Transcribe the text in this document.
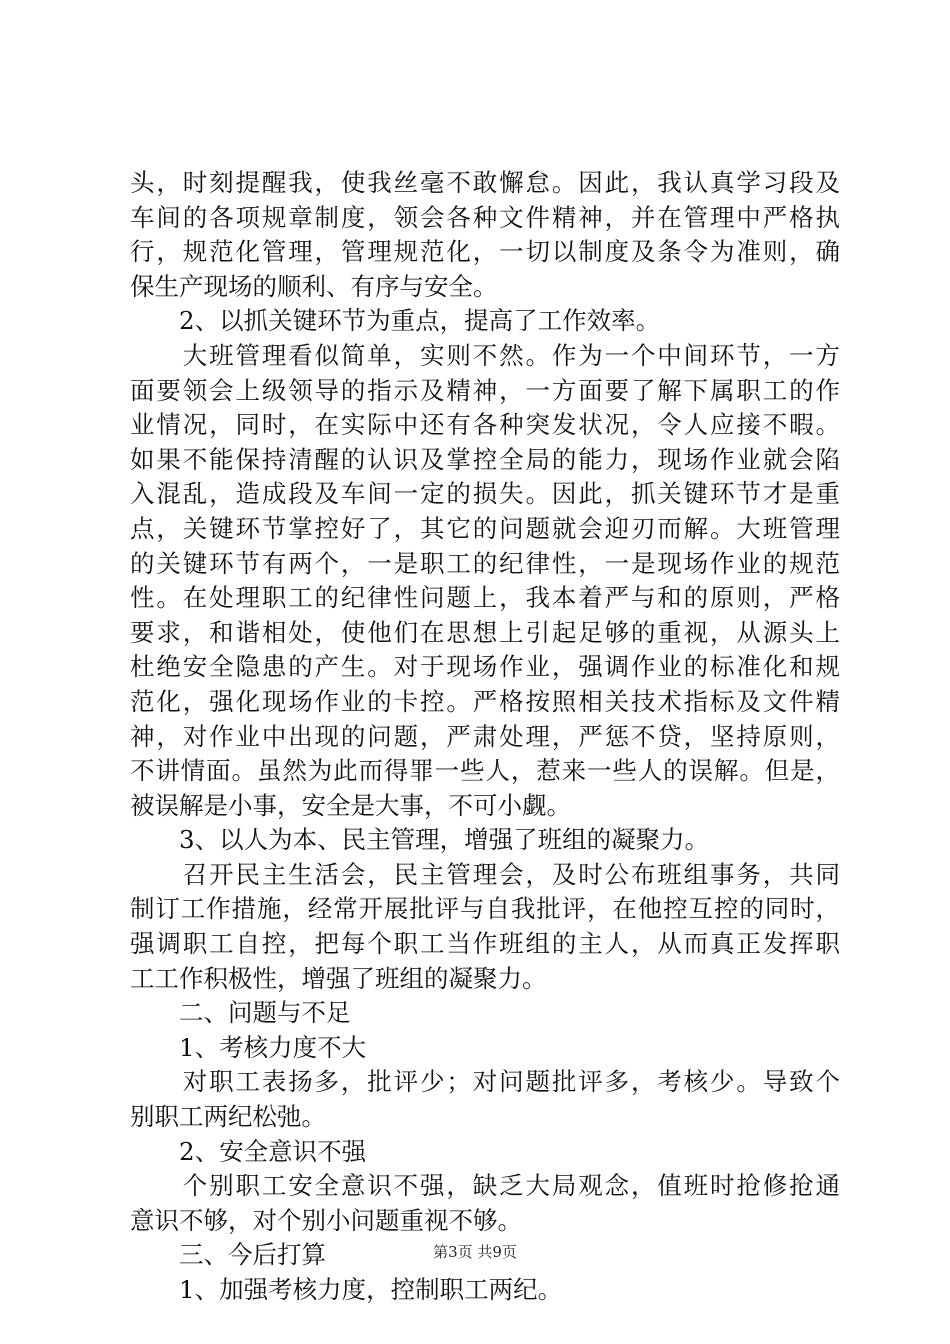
头，时刻提醒我，使我丝毫不敢懈怠。因此，我认真学习段及
车间的各项规章制度，领会各种文件精神，并在管理中严格执
行，规范化管理，管理规范化，一切以制度及条令为准则，确
保生产现场的顺利、有序与安全。
　　2、以抓关键环节为重点，提高了工作效率。
　　大班管理看似简单，实则不然。作为一个中间环节，一方
面要领会上级领导的指示及精神，一方面要了解下属职工的作
业情况，同时，在实际中还有各种突发状况，令人应接不暇。
如果不能保持清醒的认识及掌控全局的能力，现场作业就会陷
入混乱，造成段及车间一定的损失。因此，抓关键环节才是重
点，关键环节掌控好了，其它的问题就会迎刃而解。大班管理
的关键环节有两个，一是职工的纪律性，一是现场作业的规范
性。在处理职工的纪律性问题上，我本着严与和的原则，严格
要求，和谐相处，使他们在思想上引起足够的重视，从源头上
杜绝安全隐患的产生。对于现场作业，强调作业的标准化和规
范化，强化现场作业的卡控。严格按照相关技术指标及文件精
神，对作业中出现的问题，严肃处理，严惩不贷，坚持原则，
不讲情面。虽然为此而得罪一些人，惹来一些人的误解。但是，
被误解是小事，安全是大事，不可小觑。
　　3、以人为本、民主管理，增强了班组的凝聚力。
　　召开民主生活会，民主管理会，及时公布班组事务，共同
制订工作措施，经常开展批评与自我批评，在他控互控的同时，
强调职工自控，把每个职工当作班组的主人，从而真正发挥职
工工作积极性，增强了班组的凝聚力。
　　二、问题与不足
　　1、考核力度不大
　　对职工表扬多，批评少；对问题批评多，考核少。导致个
别职工两纪松弛。
　　2、安全意识不强
　　个别职工安全意识不强，缺乏大局观念，值班时抢修抢通
意识不够，对个别小问题重视不够。
　　三、今后打算
　　1、加强考核力度，控制职工两纪。
第3页 共9页
